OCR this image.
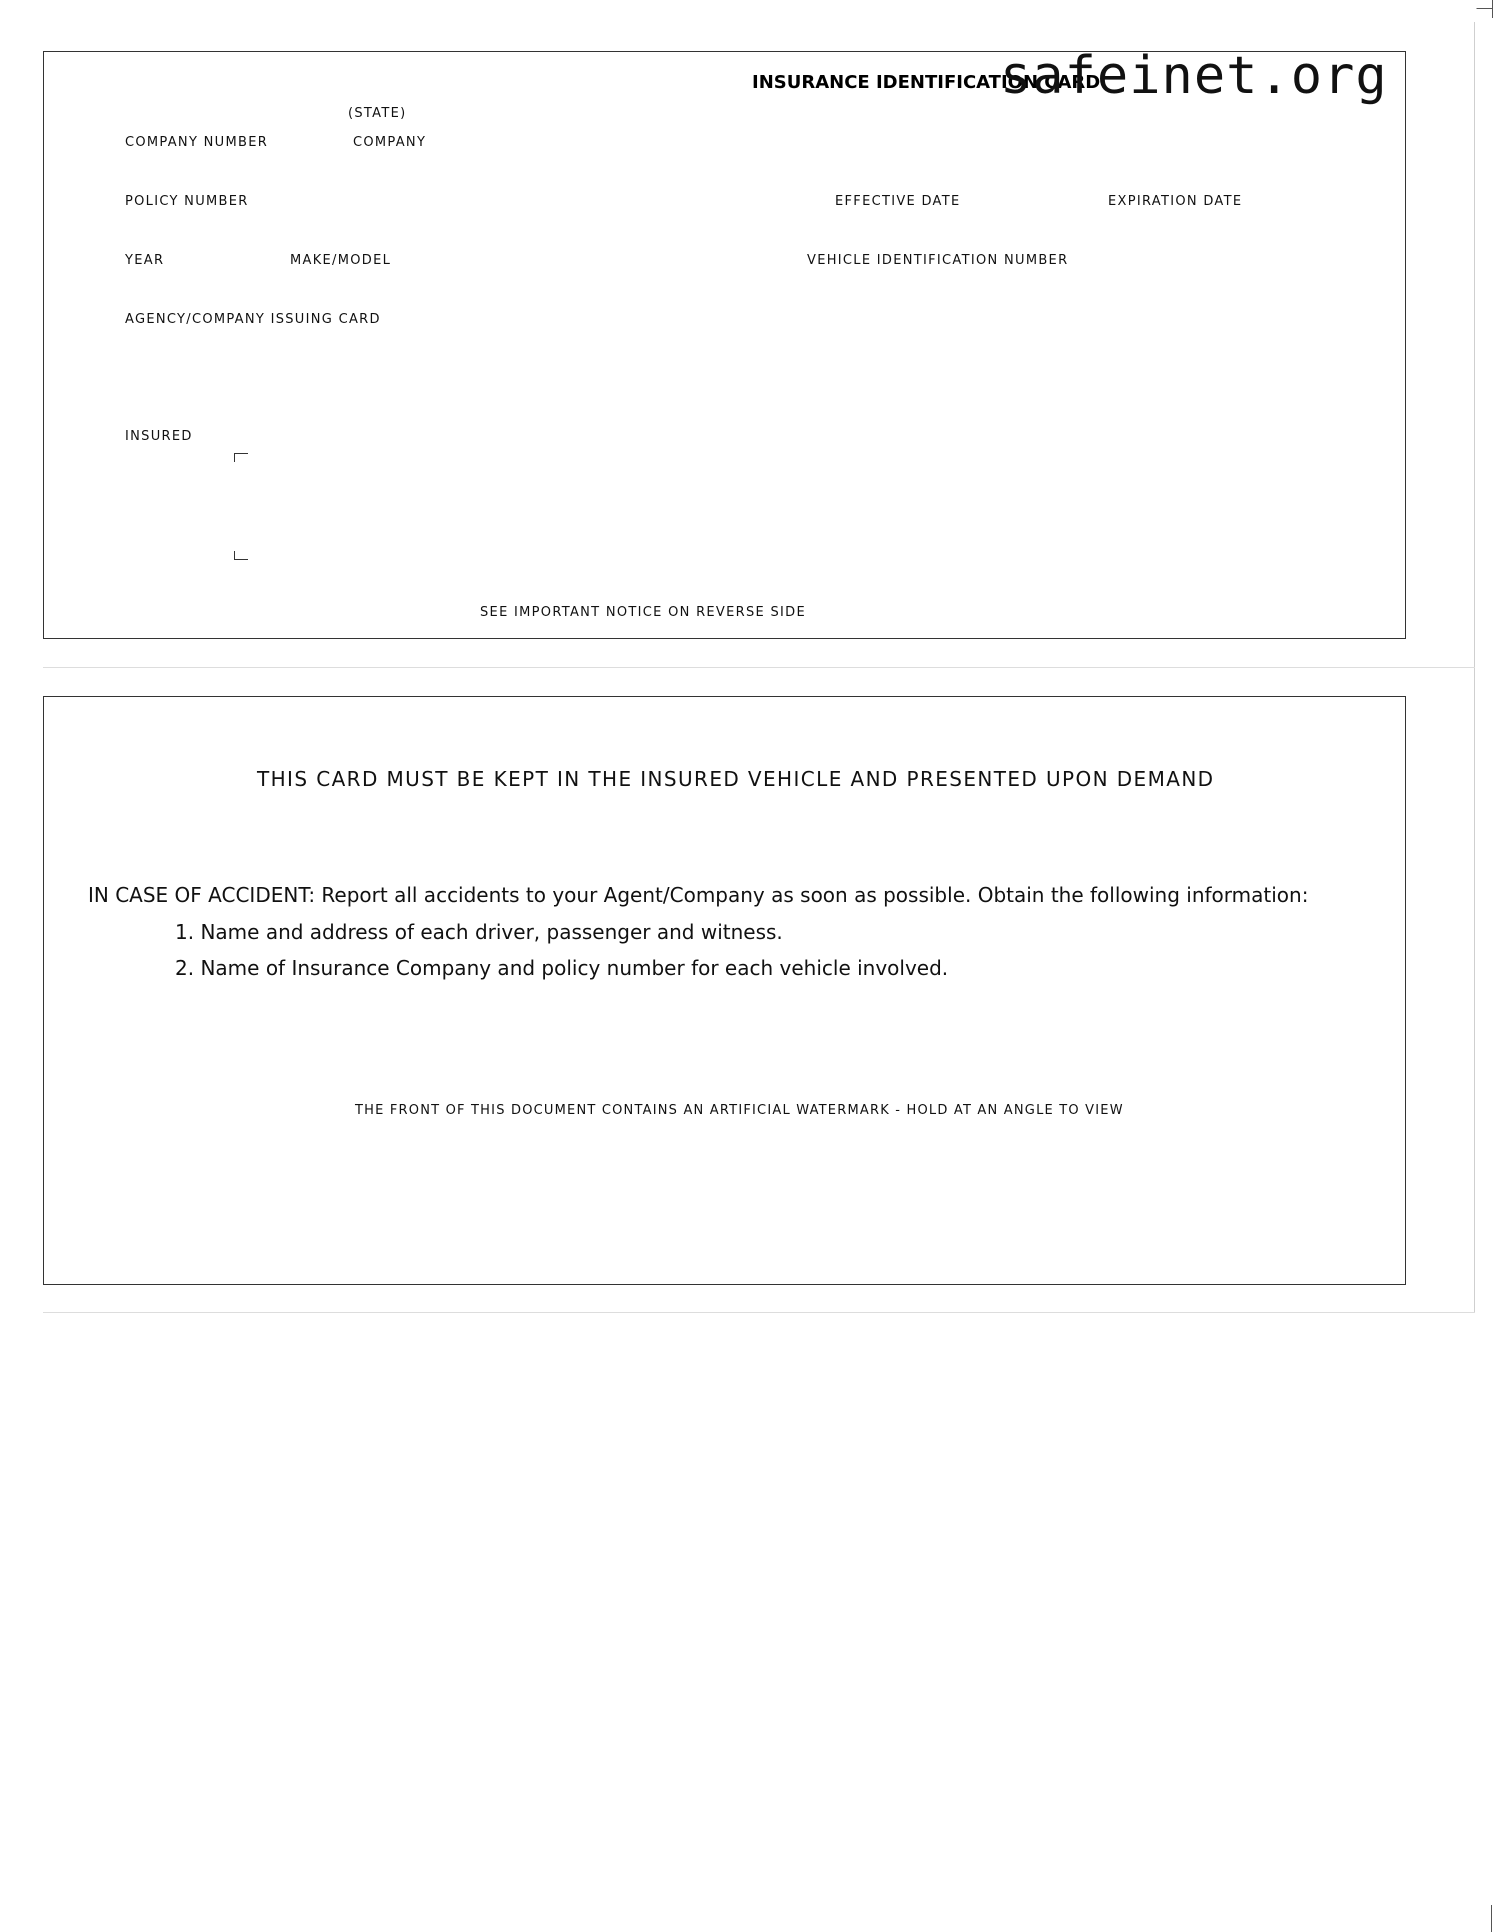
INSURANCE IDENTIFICATION CARD
safeinet.org
(STATE)
COMPANY NUMBER	COMPANY
POLICY NUMBER	EFFECTIVE DATE	EXPIRATION DATE
YEAR	MAKE/MODEL	VEHICLE IDENTIFICATION NUMBER
AGENCY/COMPANY ISSUING CARD
INSURED
SEE IMPORTANT NOTICE ON REVERSE SIDE
THIS CARD MUST BE KEPT IN THE INSURED VEHICLE AND PRESENTED UPON DEMAND
IN CASE OF ACCIDENT: Report all accidents to your Agent/Company as soon as possible. Obtain the following information:
1. Name and address of each driver, passenger and witness.
2. Name of Insurance Company and policy number for each vehicle involved.
THE FRONT OF THIS DOCUMENT CONTAINS AN ARTIFICIAL WATERMARK - HOLD AT AN ANGLE TO VIEW
